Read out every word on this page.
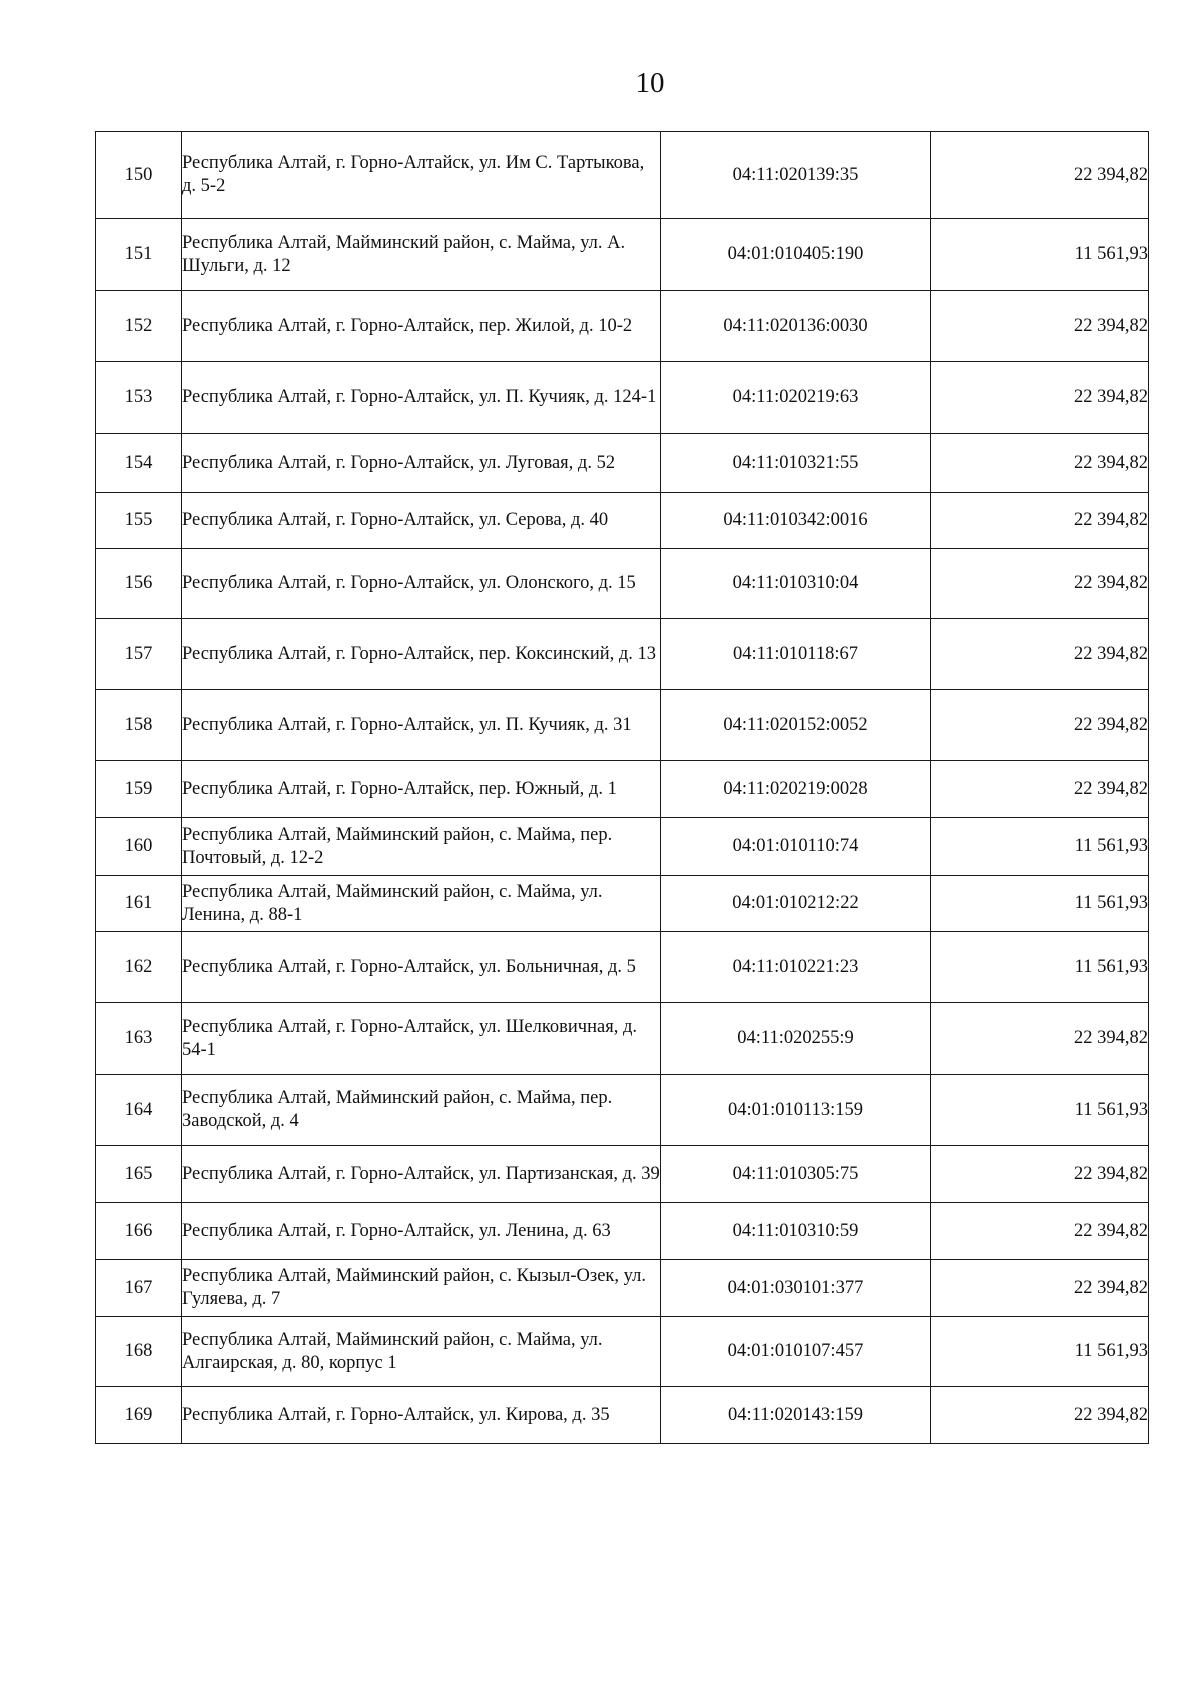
10
150	Республика Алтай, г. Горно-Алтайск, ул. Им С. Тартыкова, д. 5-2	04:11:020139:35	22 394,82
151	Республика Алтай, Майминский район, с. Майма, ул. А. Шульги, д. 12	04:01:010405:190	11 561,93
152	Республика Алтай, г. Горно-Алтайск, пер. Жилой, д. 10-2	04:11:020136:0030	22 394,82
153	Республика Алтай, г. Горно-Алтайск, ул. П. Кучияк, д. 124-1	04:11:020219:63	22 394,82
154	Республика Алтай, г. Горно-Алтайск, ул. Луговая, д. 52	04:11:010321:55	22 394,82
155	Республика Алтай, г. Горно-Алтайск, ул. Серова, д. 40	04:11:010342:0016	22 394,82
156	Республика Алтай, г. Горно-Алтайск, ул. Олонского, д. 15	04:11:010310:04	22 394,82
157	Республика Алтай, г. Горно-Алтайск, пер. Коксинский, д. 13	04:11:010118:67	22 394,82
158	Республика Алтай, г. Горно-Алтайск, ул. П. Кучияк, д. 31	04:11:020152:0052	22 394,82
159	Республика Алтай, г. Горно-Алтайск, пер. Южный, д. 1	04:11:020219:0028	22 394,82
160	Республика Алтай, Майминский район, с. Майма, пер. Почтовый, д. 12-2	04:01:010110:74	11 561,93
161	Республика Алтай, Майминский район, с. Майма, ул. Ленина, д. 88-1	04:01:010212:22	11 561,93
162	Республика Алтай, г. Горно-Алтайск, ул. Больничная, д. 5	04:11:010221:23	11 561,93
163	Республика Алтай, г. Горно-Алтайск, ул. Шелковичная, д. 54-1	04:11:020255:9	22 394,82
164	Республика Алтай, Майминский район, с. Майма, пер. Заводской, д. 4	04:01:010113:159	11 561,93
165	Республика Алтай, г. Горно-Алтайск, ул. Партизанская, д. 39	04:11:010305:75	22 394,82
166	Республика Алтай, г. Горно-Алтайск, ул. Ленина, д. 63	04:11:010310:59	22 394,82
167	Республика Алтай, Майминский район, с. Кызыл-Озек, ул. Гуляева, д. 7	04:01:030101:377	22 394,82
168	Республика Алтай, Майминский район, с. Майма, ул. Алгаирская, д. 80, корпус 1	04:01:010107:457	11 561,93
169	Республика Алтай, г. Горно-Алтайск, ул. Кирова, д. 35	04:11:020143:159	22 394,82
